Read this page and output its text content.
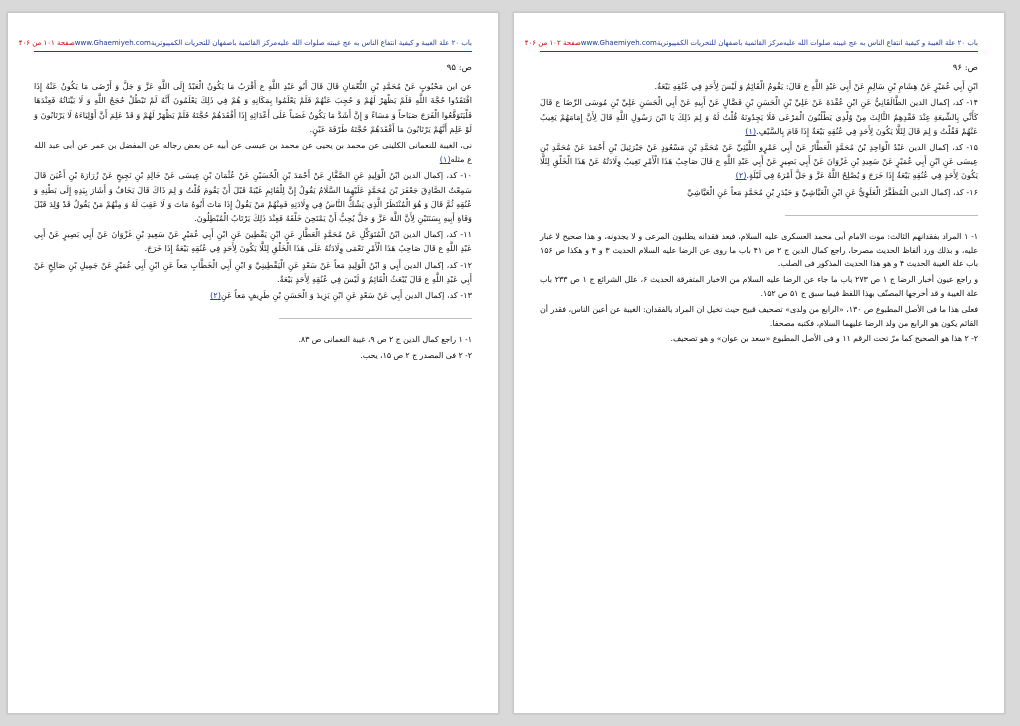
باب ٢٠ علة الغيبة و كيفية انتفاع الناس به عج غيبته صلوات الله عليه
مرکز القائمیة باصفهان للتحریات الکمپیوتریة
www.Ghaemiyeh.com
صفحة ١٠١ من ۴٠۶
ص: ٩۵

عن ابن مَحْبُوبٍ عَنْ مُحَمَّدِ بْنِ النُّعْمَانِ قَالَ قَالَ أَبُو عَبْدِ اللَّهِ ع أَقْرَبُ مَا يَكُونُ الْعَبْدُ إِلَى اللَّهِ عَزَّ وَ جَلَّ وَ أَرْضَى مَا يَكُونُ عَنْهُ إِذَا افْتَقَدُوا حُجَّةَ اللَّهِ فَلَمْ يَظْهَرْ لَهُمْ وَ حُجِبَ عَنْهُمْ فَلَمْ يَعْلَمُوا بِمَكَانِهِ وَ هُمْ فِي ذَلِكَ يَعْلَمُونَ أَنَّهُ لَمْ تَبْطُلْ حُجَجُ اللَّهِ وَ لَا بَيِّنَاتُهُ فَعِنْدَهَا فَلْيَتَوَقَّعُوا الْفَرَجَ صَبَاحاً وَ مَسَاءً وَ إِنَّ أَشَدَّ مَا يَكُونُ غَضَباً عَلَى أَعْدَائِهِ إِذَا أَفْقَدَهُمْ حُجَّتَهُ فَلَمْ يَظْهَرْ لَهُمْ وَ قَدْ عَلِمَ أَنَّ أَوْلِيَاءَهُ لَا يَرْتَابُونَ وَ لَوْ عَلِمَ أَنَّهُمْ يَرْتَابُونَ مَا أَفْقَدَهُمْ حُجَّتَهُ طَرْفَةَ عَيْنٍ.

نی، الغيبة للنعمانی الكلينی عن محمد بن يحيی عن محمد بن عيسی عن أبيه عن بعض رجاله عن المفضل بن عمر عن أبی عبد الله ع مثله(١)

١٠- كد، إكمال الدين ابْنُ الْوَلِيدِ عَنِ الصَّفَّارِ عَنْ أَحْمَدَ بْنِ الْحُسَيْنِ عَنْ عُثْمَانَ بْنِ عِيسَى عَنْ خَالِدِ بْنِ نَجِيحٍ عَنْ زُرَارَةَ بْنِ أَعْيَنَ قَالَ سَمِعْتُ الصَّادِقَ جَعْفَرَ بْنَ مُحَمَّدٍ عَلَيْهِمَا السَّلَامُ يَقُولُ إِنَّ لِلْقَائِمِ غَيْبَةً قَبْلَ أَنْ يَقُومَ قُلْتُ وَ لِمَ ذَاكَ قَالَ يَخَافُ وَ أَشَارَ بِيَدِهِ إِلَى بَطْنِهِ وَ عُنُقِهِ ثُمَّ قَالَ وَ هُوَ الْمُنْتَظَرُ الَّذِي يَشُكُّ النَّاسُ فِي وِلَادَتِهِ فَمِنْهُمْ مَنْ يَقُولُ إِذَا مَاتَ أَبُوهُ مَاتَ وَ لَا عَقِبَ لَهُ وَ مِنْهُمْ مَنْ يَقُولُ قَدْ وُلِدَ قَبْلَ وَفَاةِ أَبِيهِ بِسَنَتَيْنِ لِأَنَّ اللَّهَ عَزَّ وَ جَلَّ يُحِبُّ أَنْ يَمْتَحِنَ خَلْقَهُ فَعِنْدَ ذَلِكَ يَرْتَابُ الْمُبْطِلُونَ.

١١- كد، إكمال الدين ابْنُ الْمُتَوَكِّلِ عَنْ مُحَمَّدٍ الْعَطَّارِ عَنِ ابْنِ يَقْطِينَ عَنِ ابْنِ أَبِي عُمَيْرٍ عَنْ سَعِيدِ بْنِ غَزْوَانَ عَنْ أَبِي بَصِيرٍ عَنْ أَبِي عَبْدِ اللَّهِ ع قَالَ صَاحِبُ هَذَا الْأَمْرِ تَعْمَى وِلَادَتُهُ عَلَى هَذَا الْخَلْقِ لِئَلَّا يَكُونَ لِأَحَدٍ فِي عُنُقِهِ بَيْعَةٌ إِذَا خَرَجَ.

١٢- كد، إكمال الدين أَبِي وَ ابْنُ الْوَلِيدِ مَعاً عَنْ سَعْدٍ عَنِ الْيَقْطِينِيِّ وَ ابْنِ أَبِي الْخَطَّابِ مَعاً عَنِ ابْنِ أَبِي عُمَيْرٍ عَنْ جَمِيلِ بْنِ صَالِحٍ عَنْ أَبِي عَبْدِ اللَّهِ ع قَالَ يُبْعَثُ الْقَائِمُ وَ لَيْسَ فِي عُنُقِهِ لِأَحَدٍ بَيْعَةٌ.

١٣- كد، إكمال الدين أَبِي عَنْ سَعْدٍ عَنِ ابْنِ يَزِيدَ وَ الْحَسَنِ بْنِ طَرِيفٍ مَعاً عَنِ(٢)

١- ١ راجع كمال الدين ج ٢ ص ٩، غيبة النعمانی ص ٨٣.

٢- ٢ فی المصدر ج ٢ ص ١۵، يحب.

باب ٢٠ علة الغيبة و كيفية انتفاع الناس به عج غيبته صلوات الله عليه
مرکز القائمیة باصفهان للتحریات الکمپیوتریة
www.Ghaemiyeh.com
صفحة ١٠٢ من ۴٠۶
ص: ٩۶

ابْنِ أَبِي عُمَيْرٍ عَنْ هِشَامِ بْنِ سَالِمٍ عَنْ أَبِي عَبْدِ اللَّهِ ع قَالَ: يَقُومُ الْقَائِمُ وَ لَيْسَ لِأَحَدٍ فِي عُنُقِهِ بَيْعَةٌ.

١۴- كد، إكمال الدين الطَّالَقَانِيُّ عَنِ ابْنِ عُقْدَةَ عَنْ عَلِيِّ بْنِ الْحَسَنِ بْنِ فَضَّالٍ عَنْ أَبِيهِ عَنْ أَبِي الْحَسَنِ عَلِيِّ بْنِ مُوسَى الرِّضَا ع قَالَ كَأَنِّي بِالشِّيعَةِ عِنْدَ فَقْدِهِمُ الثَّالِثَ مِنْ وُلْدِي يَطْلُبُونَ الْمَرْعَى فَلَا يَجِدُونَهُ قُلْتُ لَهُ وَ لِمَ ذَلِكَ يَا ابْنَ رَسُولِ اللَّهِ قَالَ لِأَنَّ إِمَامَهُمْ يَغِيبُ عَنْهُمْ فَقُلْتُ وَ لِمَ قَالَ لِئَلَّا يَكُونَ لِأَحَدٍ فِي عُنُقِهِ بَيْعَةٌ إِذَا قَامَ بِالسَّيْفِ.(١)

١۵- كد، إكمال الدين عَبْدُ الْوَاحِدِ بْنُ مُحَمَّدٍ الْعَطَّارُ عَنْ أَبِي عَمْرٍو اللَّيْثِيِّ عَنْ مُحَمَّدِ بْنِ مَسْعُودٍ عَنْ جَبْرَئِيلَ بْنِ أَحْمَدَ عَنْ مُحَمَّدِ بْنِ عِيسَى عَنِ ابْنِ أَبِي عُمَيْرٍ عَنْ سَعِيدِ بْنِ غَزْوَانَ عَنْ أَبِي بَصِيرٍ عَنْ أَبِي عَبْدِ اللَّهِ ع قَالَ صَاحِبُ هَذَا الْأَمْرِ تَغِيبُ وِلَادَتُهُ عَنْ هَذَا الْخَلْقِ لِئَلَّا يَكُونَ لِأَحَدٍ فِي عُنُقِهِ بَيْعَةٌ إِذَا خَرَجَ وَ يُصْلِحُ اللَّهُ عَزَّ وَ جَلَّ أَمْرَهُ فِي لَيْلَةٍ.(٢)

١۶- كد، إكمال الدين الْمُظَفَّرُ الْعَلَوِيُّ عَنِ ابْنِ الْعَيَّاشِيِّ وَ حَيْدَرِ بْنِ مُحَمَّدٍ مَعاً عَنِ الْعَيَّاشِيِّ

١- ١ المراد بفقدانهم الثالث: موت الامام أبی محمد العسكری عليه السلام، فبعد فقدانه يطلبون المرعی و لا يجدونه، و هذا صحيح لا غبار عليه، و بذلك ورد ألفاظ الحديث مصرحا، راجع كمال الدين ج ٢ ص ۴١ باب ما روی عن الرضا عليه السلام الحديث ٣ و ۴ و هكذا ص ١۵۶ باب علة الغيبة الحديث ۴ و هو هذا الحديث المذكور فی الصلب.

و راجع عيون أخبار الرضا ج ١ ص ٢٧٣ باب ما جاء عن الرضا عليه السلام من الاخبار المتفرقة الحديث ۶، علل الشرائع ج ١ ص ٢٣٣ باب علة الغيبة و قد أخرجها المصنّف بهذا اللفظ فيما سبق ج ۵١ ص ١۵٢.

فعلی هذا ما فی الأصل المطبوع ص ١٣٠، «الرابع من ولدی» تصحيف قبيح حيث تخيل ان المراد بالفقدان: الغيبة عن أعين الناس، فقدر أن القائم يكون هو الرابع من ولد الرضا عليهما السلام، فكتبه مصحفا.

٢- ٢ هذا هو الصحيح كما مرّ تحت الرقم ١١ و فی الأصل المطبوع «سعد بن عوان» و هو تصحيف.
